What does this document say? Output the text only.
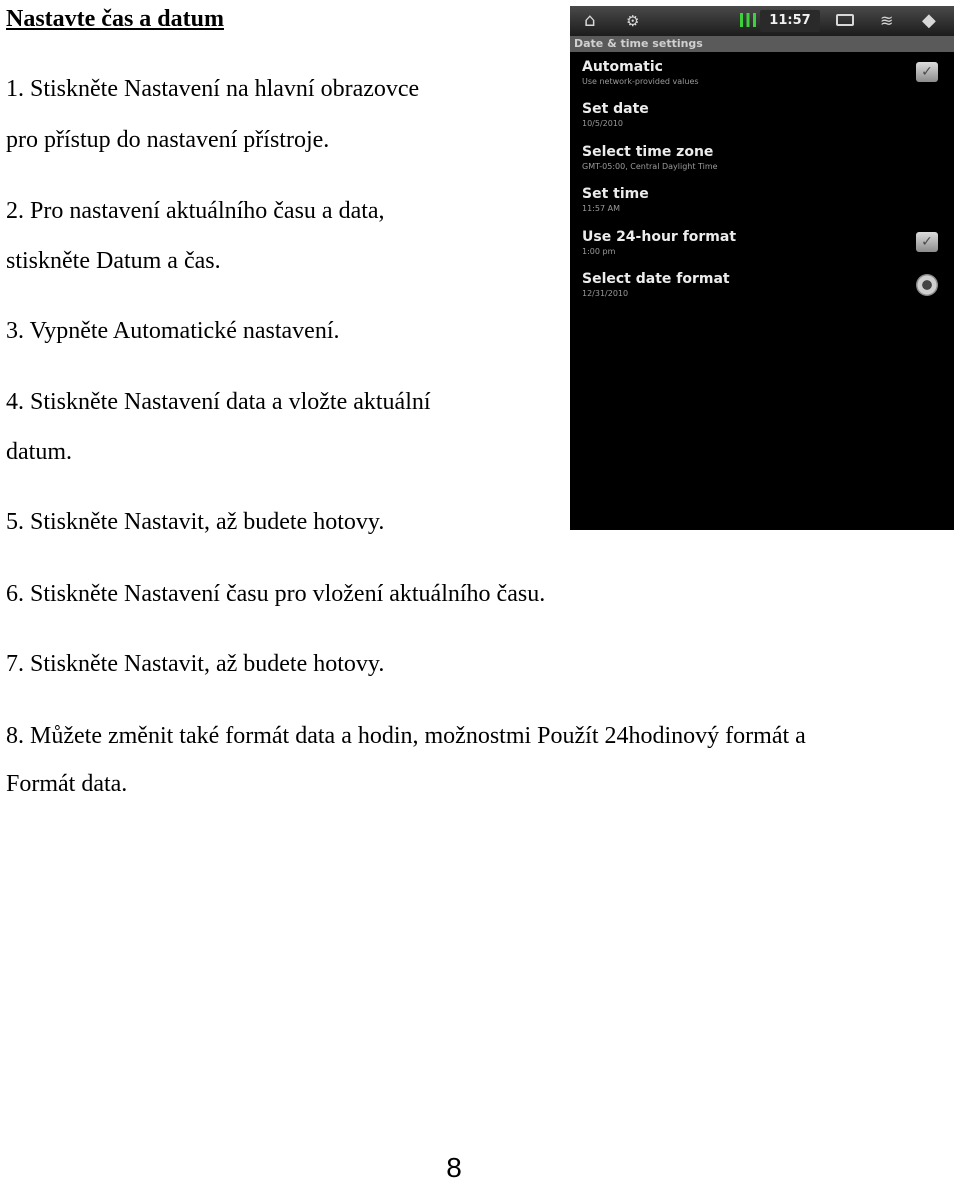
Nastavte čas a datum

1. Stiskněte Nastavení na hlavní obrazovce

pro přístup do nastavení přístroje.

2. Pro nastavení aktuálního času a data,

stiskněte Datum a čas.

3. Vypněte Automatické nastavení.

4. Stiskněte Nastavení data a vložte aktuální

datum.

5. Stiskněte Nastavit, až budete hotovy.

6. Stiskněte Nastavení času pro vložení aktuálního času.

7. Stiskněte Nastavit, až budete hotovy.

8. Můžete změnit také formát data a hodin, možnostmi Použít 24hodinový formát a

Formát data.

8
⌂ ⚙	11:57	≋ ◆
Date & time settings
Automatic
Use network-provided values
✓
Set date
10/5/2010
Select time zone
GMT-05:00, Central Daylight Time
Set time
11:57 AM
Use 24-hour format
1:00 pm
✓
Select date format
12/31/2010
